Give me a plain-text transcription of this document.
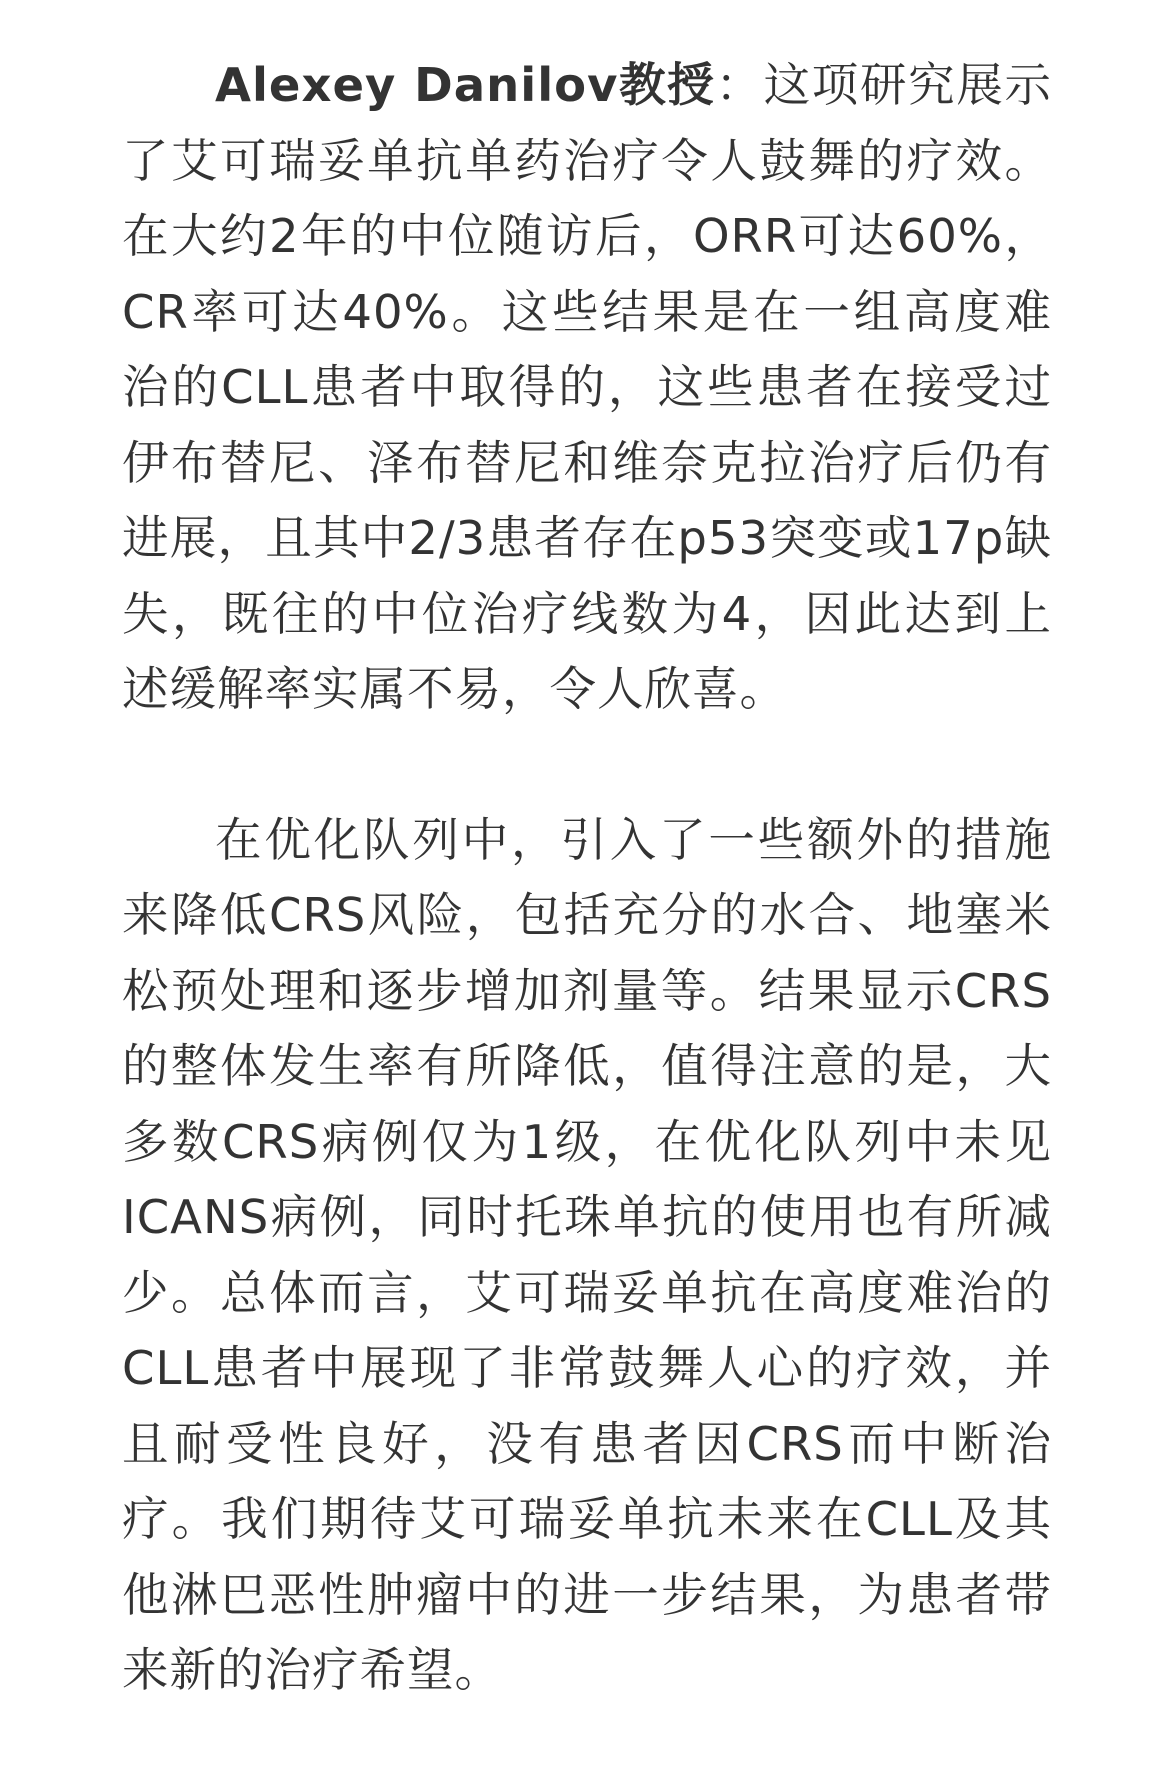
Alexey Danilov教授：这项研究展示了艾可瑞妥单抗单药治疗令人鼓舞的疗效。在大约2年的中位随访后，ORR可达60%，CR率可达40%。这些结果是在一组高度难治的CLL患者中取得的，这些患者在接受过伊布替尼、泽布替尼和维奈克拉治疗后仍有进展，且其中2/3患者存在p53突变或17p缺失，既往的中位治疗线数为4，因此达到上述缓解率实属不易，令人欣喜。

在优化队列中，引入了一些额外的措施来降低CRS风险，包括充分的水合、地塞米松预处理和逐步增加剂量等。结果显示CRS的整体发生率有所降低，值得注意的是，大多数CRS病例仅为1级，在优化队列中未见ICANS病例，同时托珠单抗的使用也有所减少。总体而言，艾可瑞妥单抗在高度难治的CLL患者中展现了非常鼓舞人心的疗效，并且耐受性良好，没有患者因CRS而中断治疗。我们期待艾可瑞妥单抗未来在CLL及其他淋巴恶性肿瘤中的进一步结果，为患者带来新的治疗希望。
